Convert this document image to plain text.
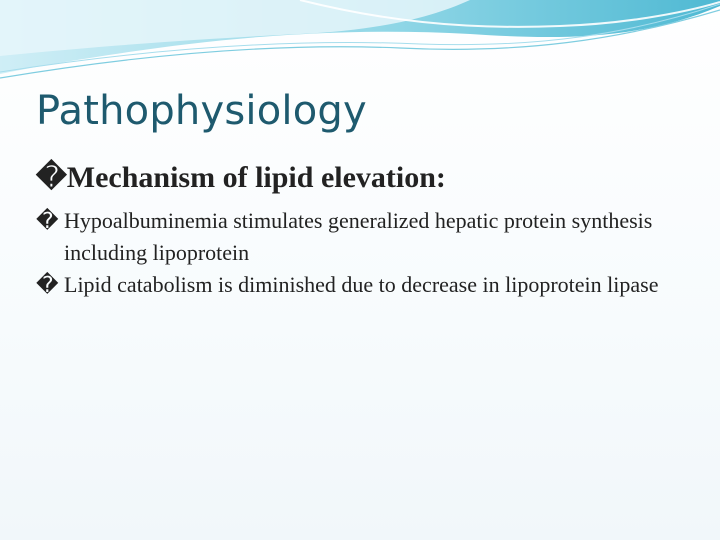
Pathophysiology
�Mechanism of lipid elevation:
� Hypoalbuminemia stimulates generalized hepatic protein synthesis including lipoprotein
� Lipid catabolism is diminished due to decrease in lipoprotein lipase
